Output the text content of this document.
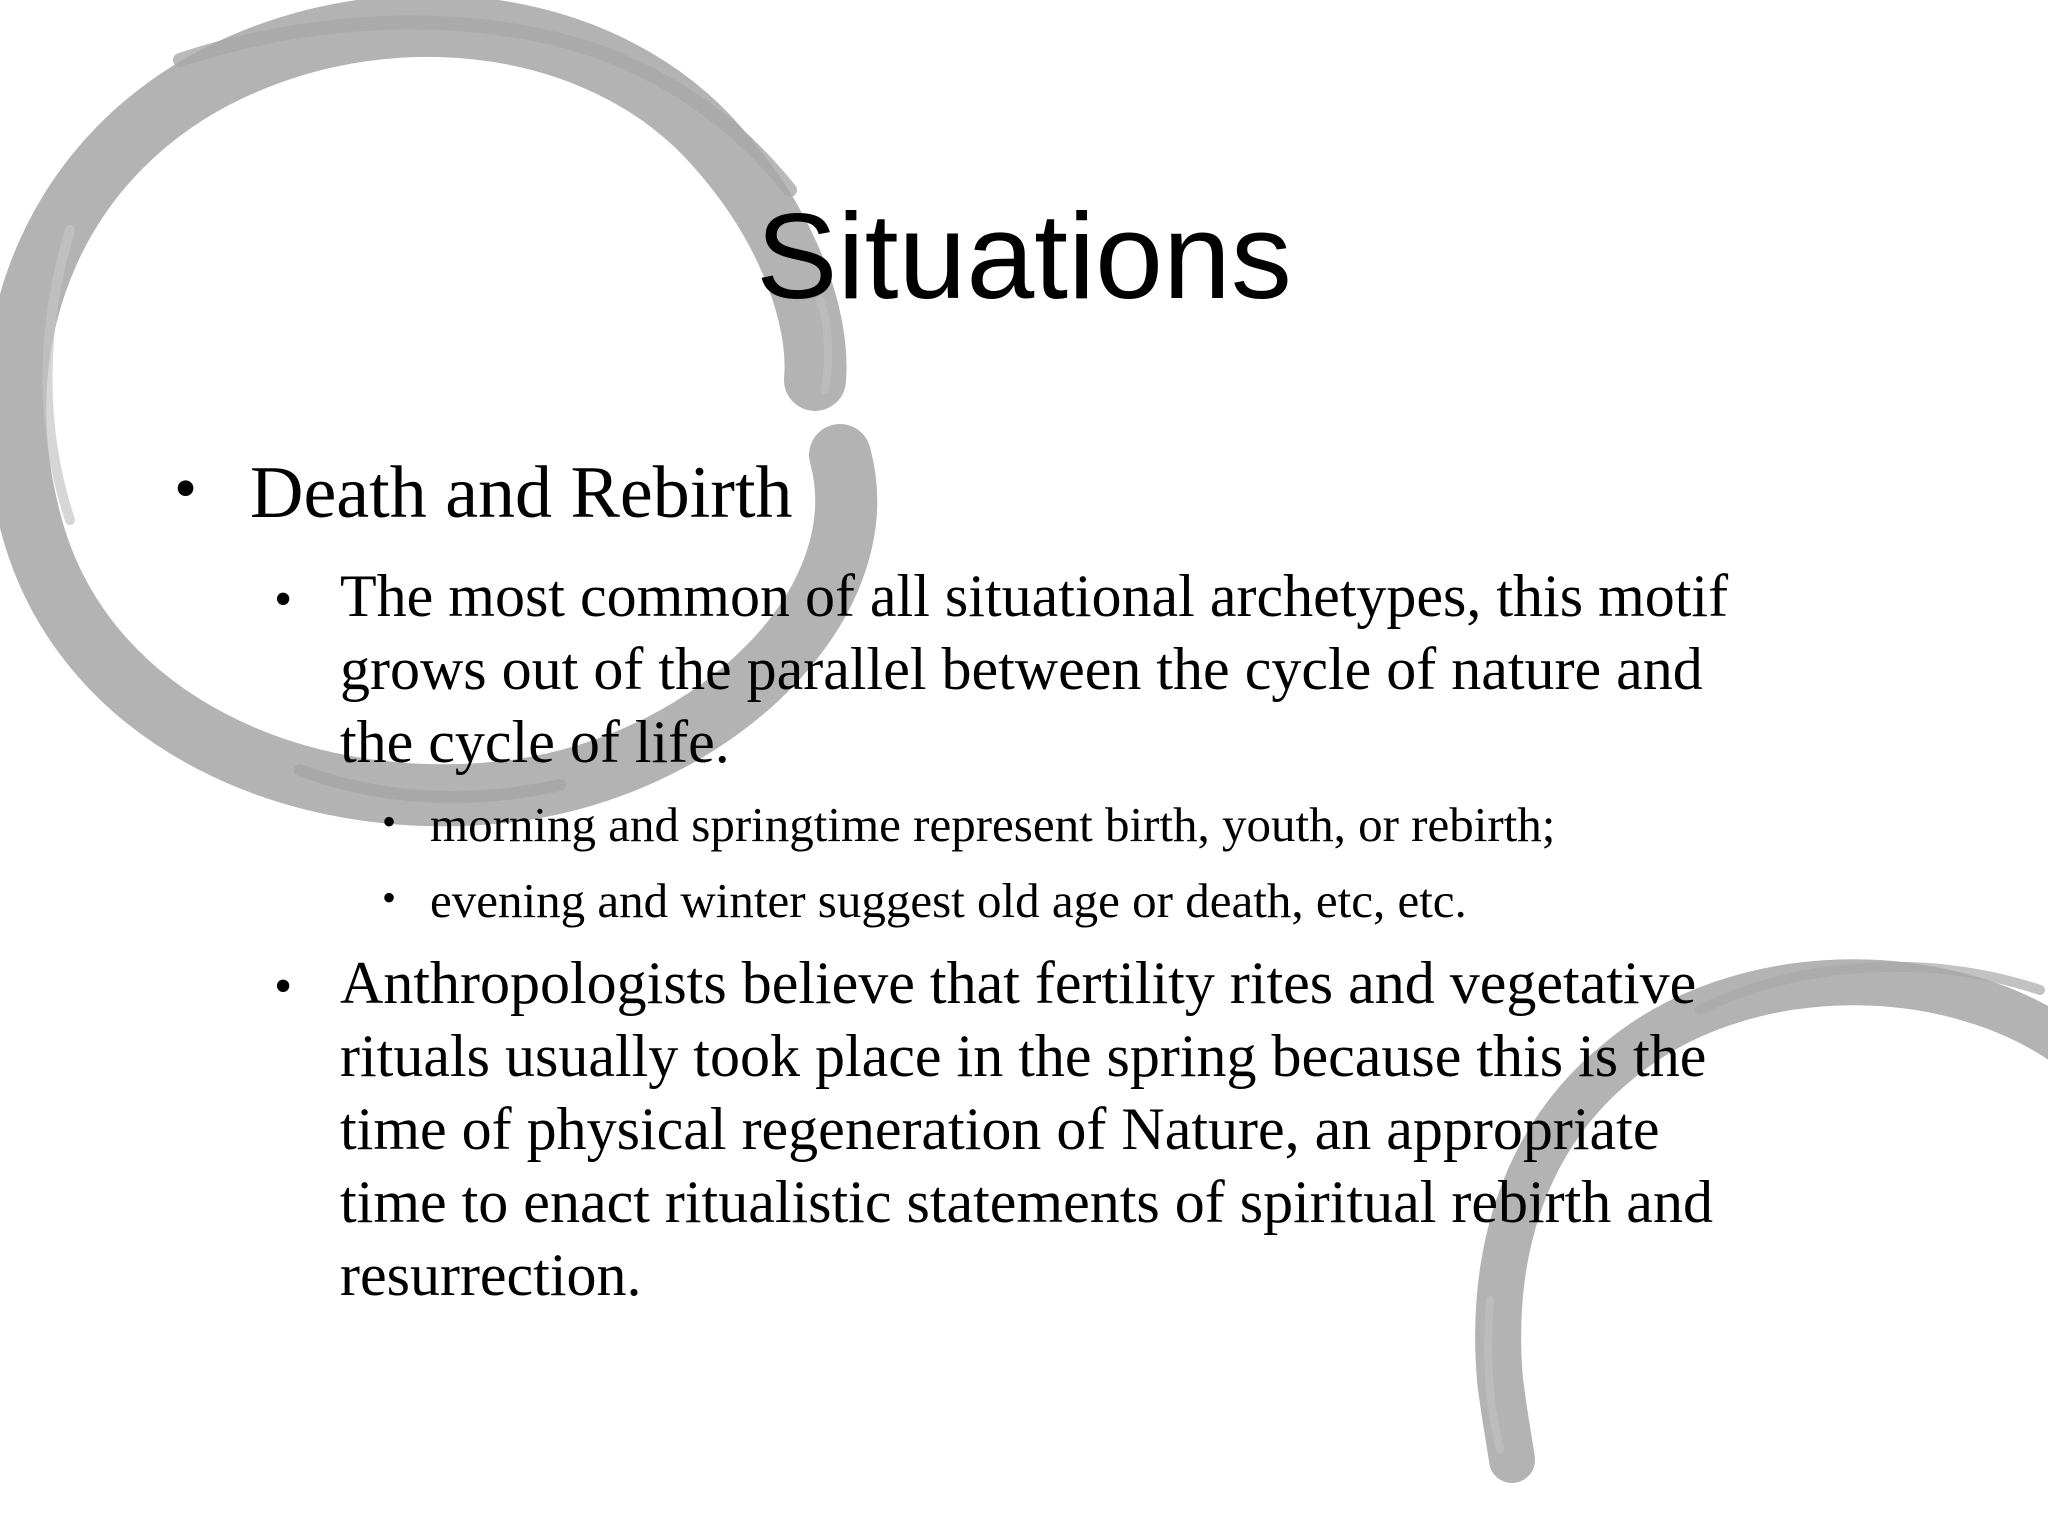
Situations
• Death and Rebirth

• The most common of all situational archetypes, this motif grows out of the parallel between the cycle of nature and the cycle of life.

• morning and springtime represent birth, youth, or rebirth;

• evening and winter suggest old age or death, etc, etc.

• Anthropologists believe that fertility rites and vegetative rituals usually took place in the spring because this is the time of physical regeneration of Nature, an appropriate time to enact ritualistic statements of spiritual rebirth and resurrection.
